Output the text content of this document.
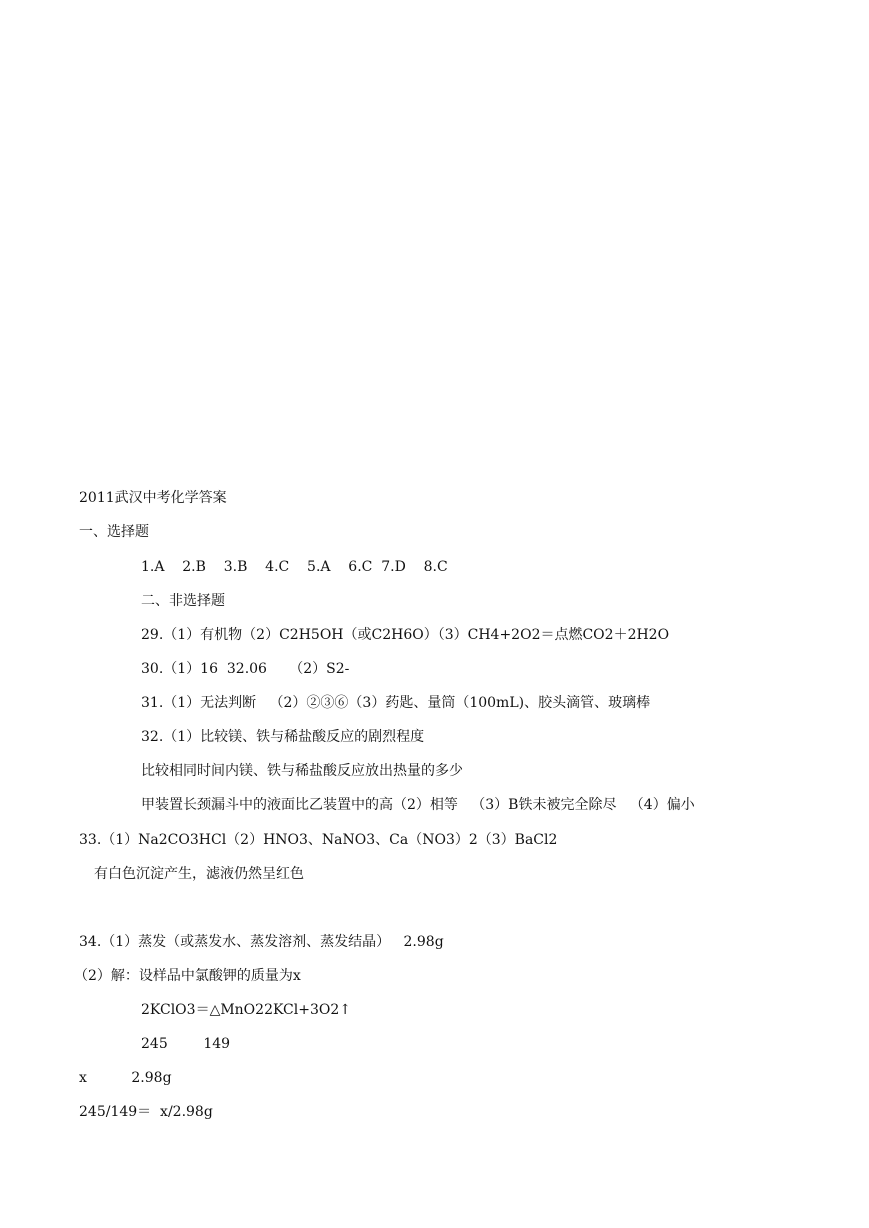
2011武汉中考化学答案
一、选择题
1.A    2.B    3.B    4.C    5.A    6.C  7.D    8.C
二、非选择题
29.（1）有机物（2）C2H5OH（或C2H6O）（3）CH4+2O2＝点燃CO2＋2H2O
30.（1）16  32.06     （2）S2-
31.（1）无法判断   （2）②③⑥（3）药匙、量筒（100mL)、胶头滴管、玻璃棒
32.（1）比较镁、铁与稀盐酸反应的剧烈程度
比较相同时间内镁、铁与稀盐酸反应放出热量的多少
甲装置长颈漏斗中的液面比乙装置中的高（2）相等   （3）B铁未被完全除尽   （4）偏小
33.（1）Na2CO3HCl（2）HNO3、NaNO3、Ca（NO3）2（3）BaCl2
有白色沉淀产生，滤液仍然呈红色
34.（1）蒸发（或蒸发水、蒸发溶剂、蒸发结晶）   2.98g
（2）解：设样品中氯酸钾的质量为x
2KClO3＝△MnO22KCl+3O2↑
245        149
x          2.98g
245/149＝  x/2.98g
